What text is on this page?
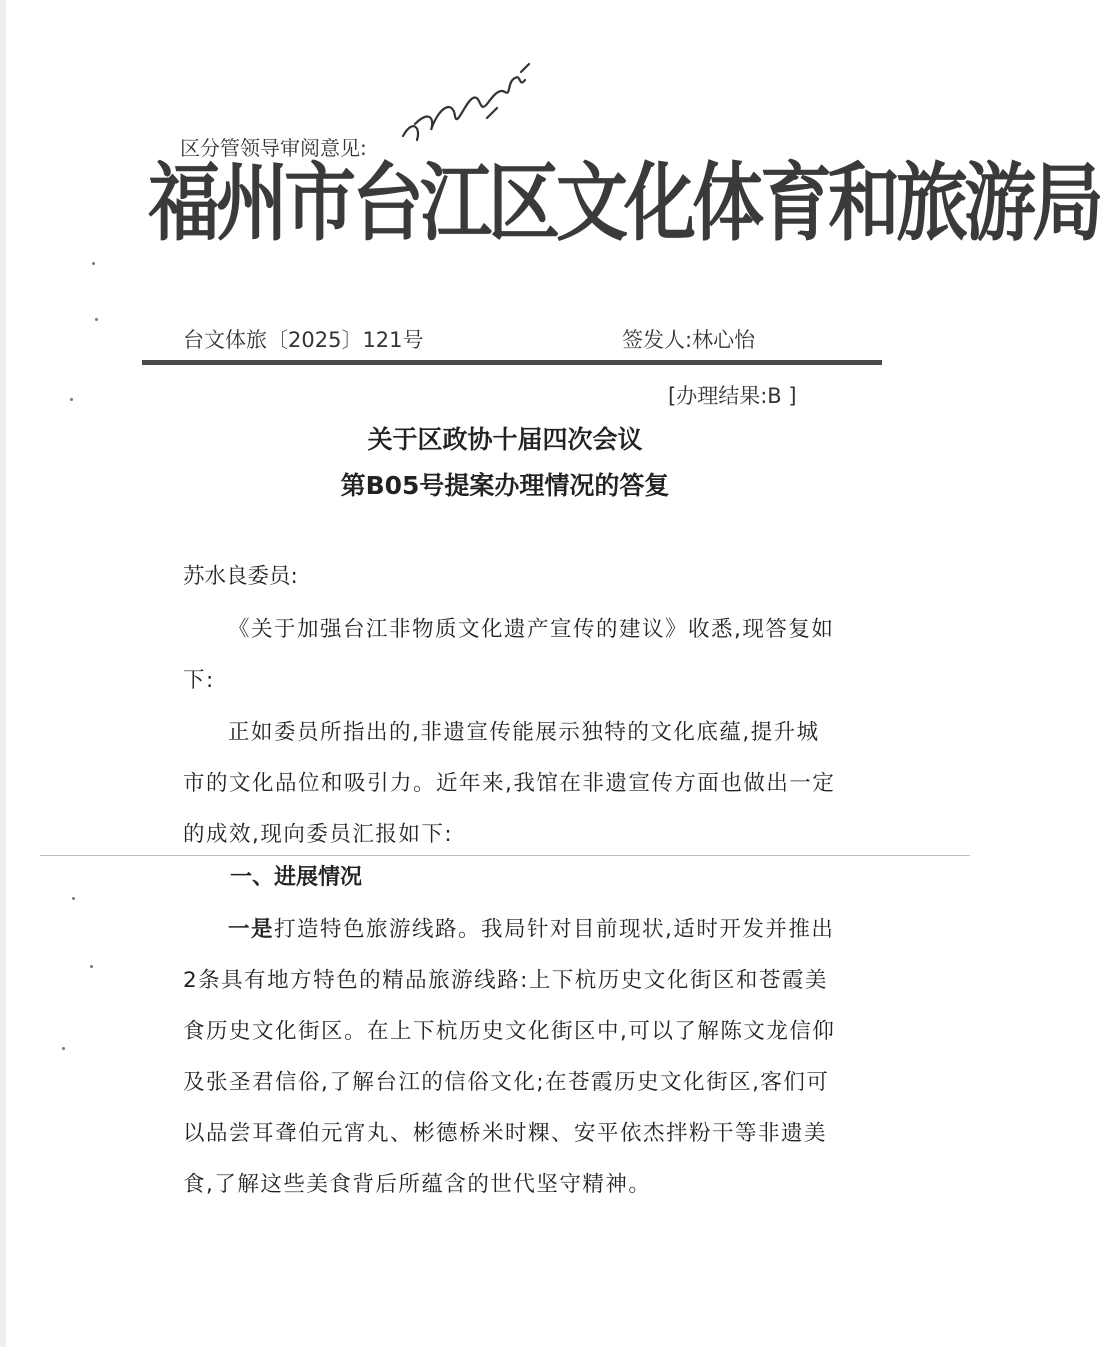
区分管领导审阅意见:
福州市台江区文化体育和旅游局
台文体旅〔2025〕121号	签发人:林心怡
[办理结果:B ]
关于区政协十届四次会议
第B05号提案办理情况的答复
苏水良委员:
《关于加强台江非物质文化遗产宣传的建议》收悉,现答复如下:
正如委员所指出的,非遗宣传能展示独特的文化底蕴,提升城市的文化品位和吸引力。近年来,我馆在非遗宣传方面也做出一定的成效,现向委员汇报如下:
一、进展情况
一是打造特色旅游线路。我局针对目前现状,适时开发并推出2条具有地方特色的精品旅游线路:上下杭历史文化街区和苍霞美食历史文化街区。在上下杭历史文化街区中,可以了解陈文龙信仰及张圣君信俗,了解台江的信俗文化;在苍霞历史文化街区,客们可以品尝耳聋伯元宵丸、彬德桥米时粿、安平依杰拌粉干等非遗美食,了解这些美食背后所蕴含的世代坚守精神。
